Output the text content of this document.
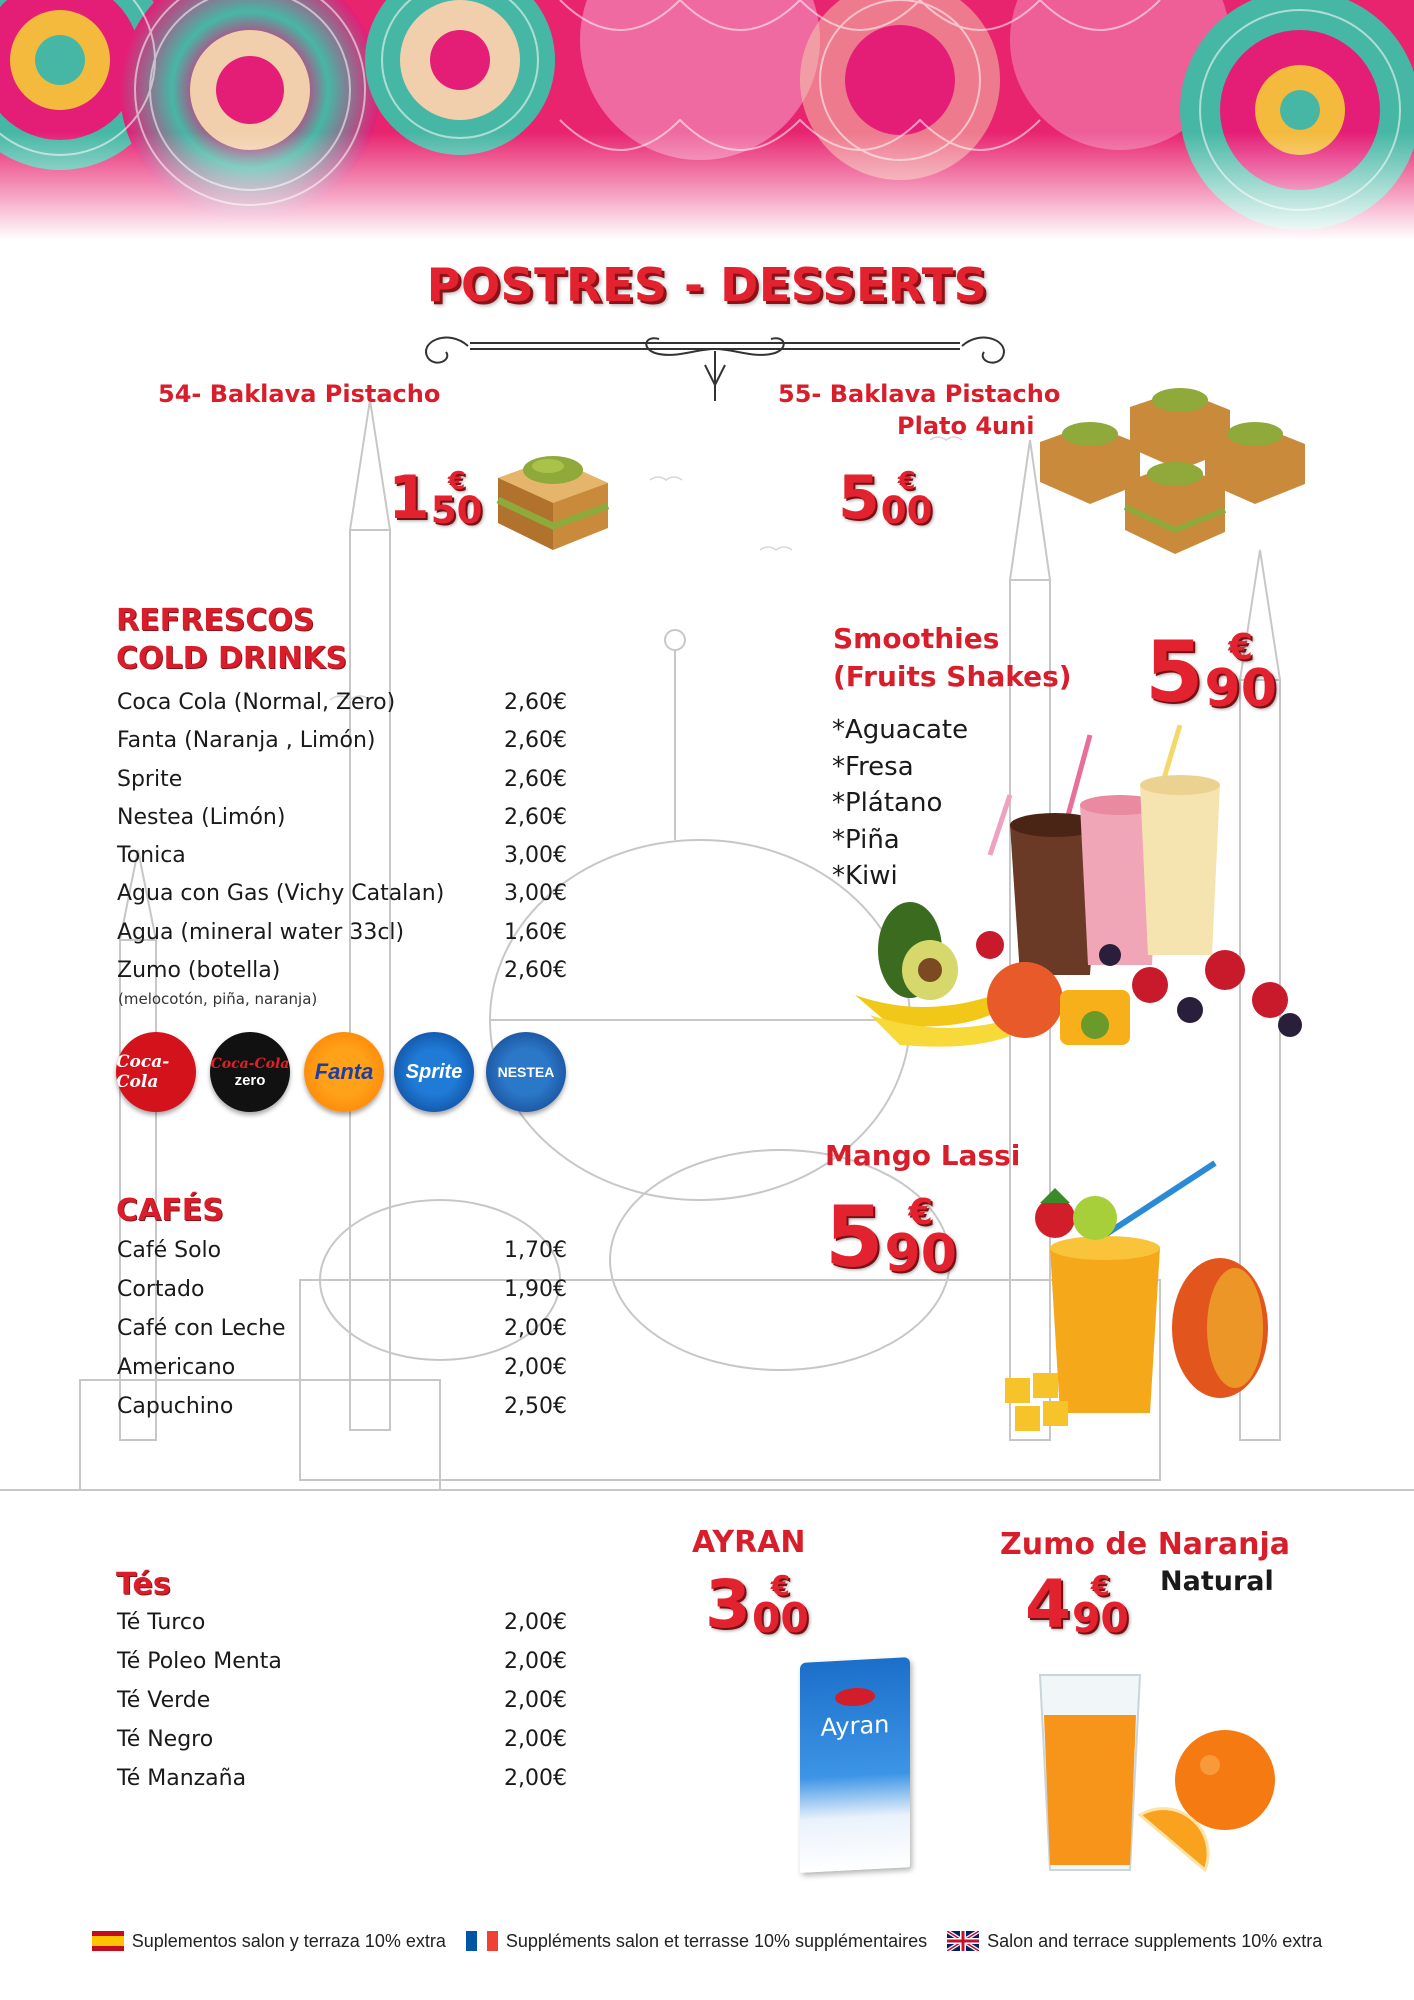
POSTRES - DESSERTS
54- Baklava Pistacho
1 €
50
55- Baklava Pistacho
Plato 4uni
5 €
00
REFRESCOS
COLD DRINKS
Coca Cola (Normal, Zero)	2,60€
Fanta (Naranja , Limón)	2,60€
Sprite	2,60€
Nestea (Limón)	2,60€
Tonica	3,00€
Agua con Gas (Vichy Catalan)	3,00€
Agua (mineral water 33cl)	1,60€
Zumo (botella)	2,60€
(melocotón, piña, naranja)
Coca-Cola
Coca-Cola
zero Fanta Sprite	NESTEA
Smoothies
(Fruits Shakes) 5 €
90
*Aguacate
*Fresa
*Plátano
*Piña
*Kiwi
Mango Lassi
5 €
90
CAFÉS
Café Solo	1,70€
Cortado	1,90€
Café con Leche	2,00€
Americano	2,00€
Capuchino	2,50€
Tés
Té Turco	2,00€
Té Poleo Menta	2,00€
Té Verde	2,00€
Té Negro	2,00€
Té Manzaña	2,00€
AYRAN
3 €
00
Ayran
Zumo de Naranja
Natural
4 €
90
Suplementos salon y terraza 10% extra	Suppléments salon et terrasse 10% supplémentaires	Salon and terrace supplements 10% extra
